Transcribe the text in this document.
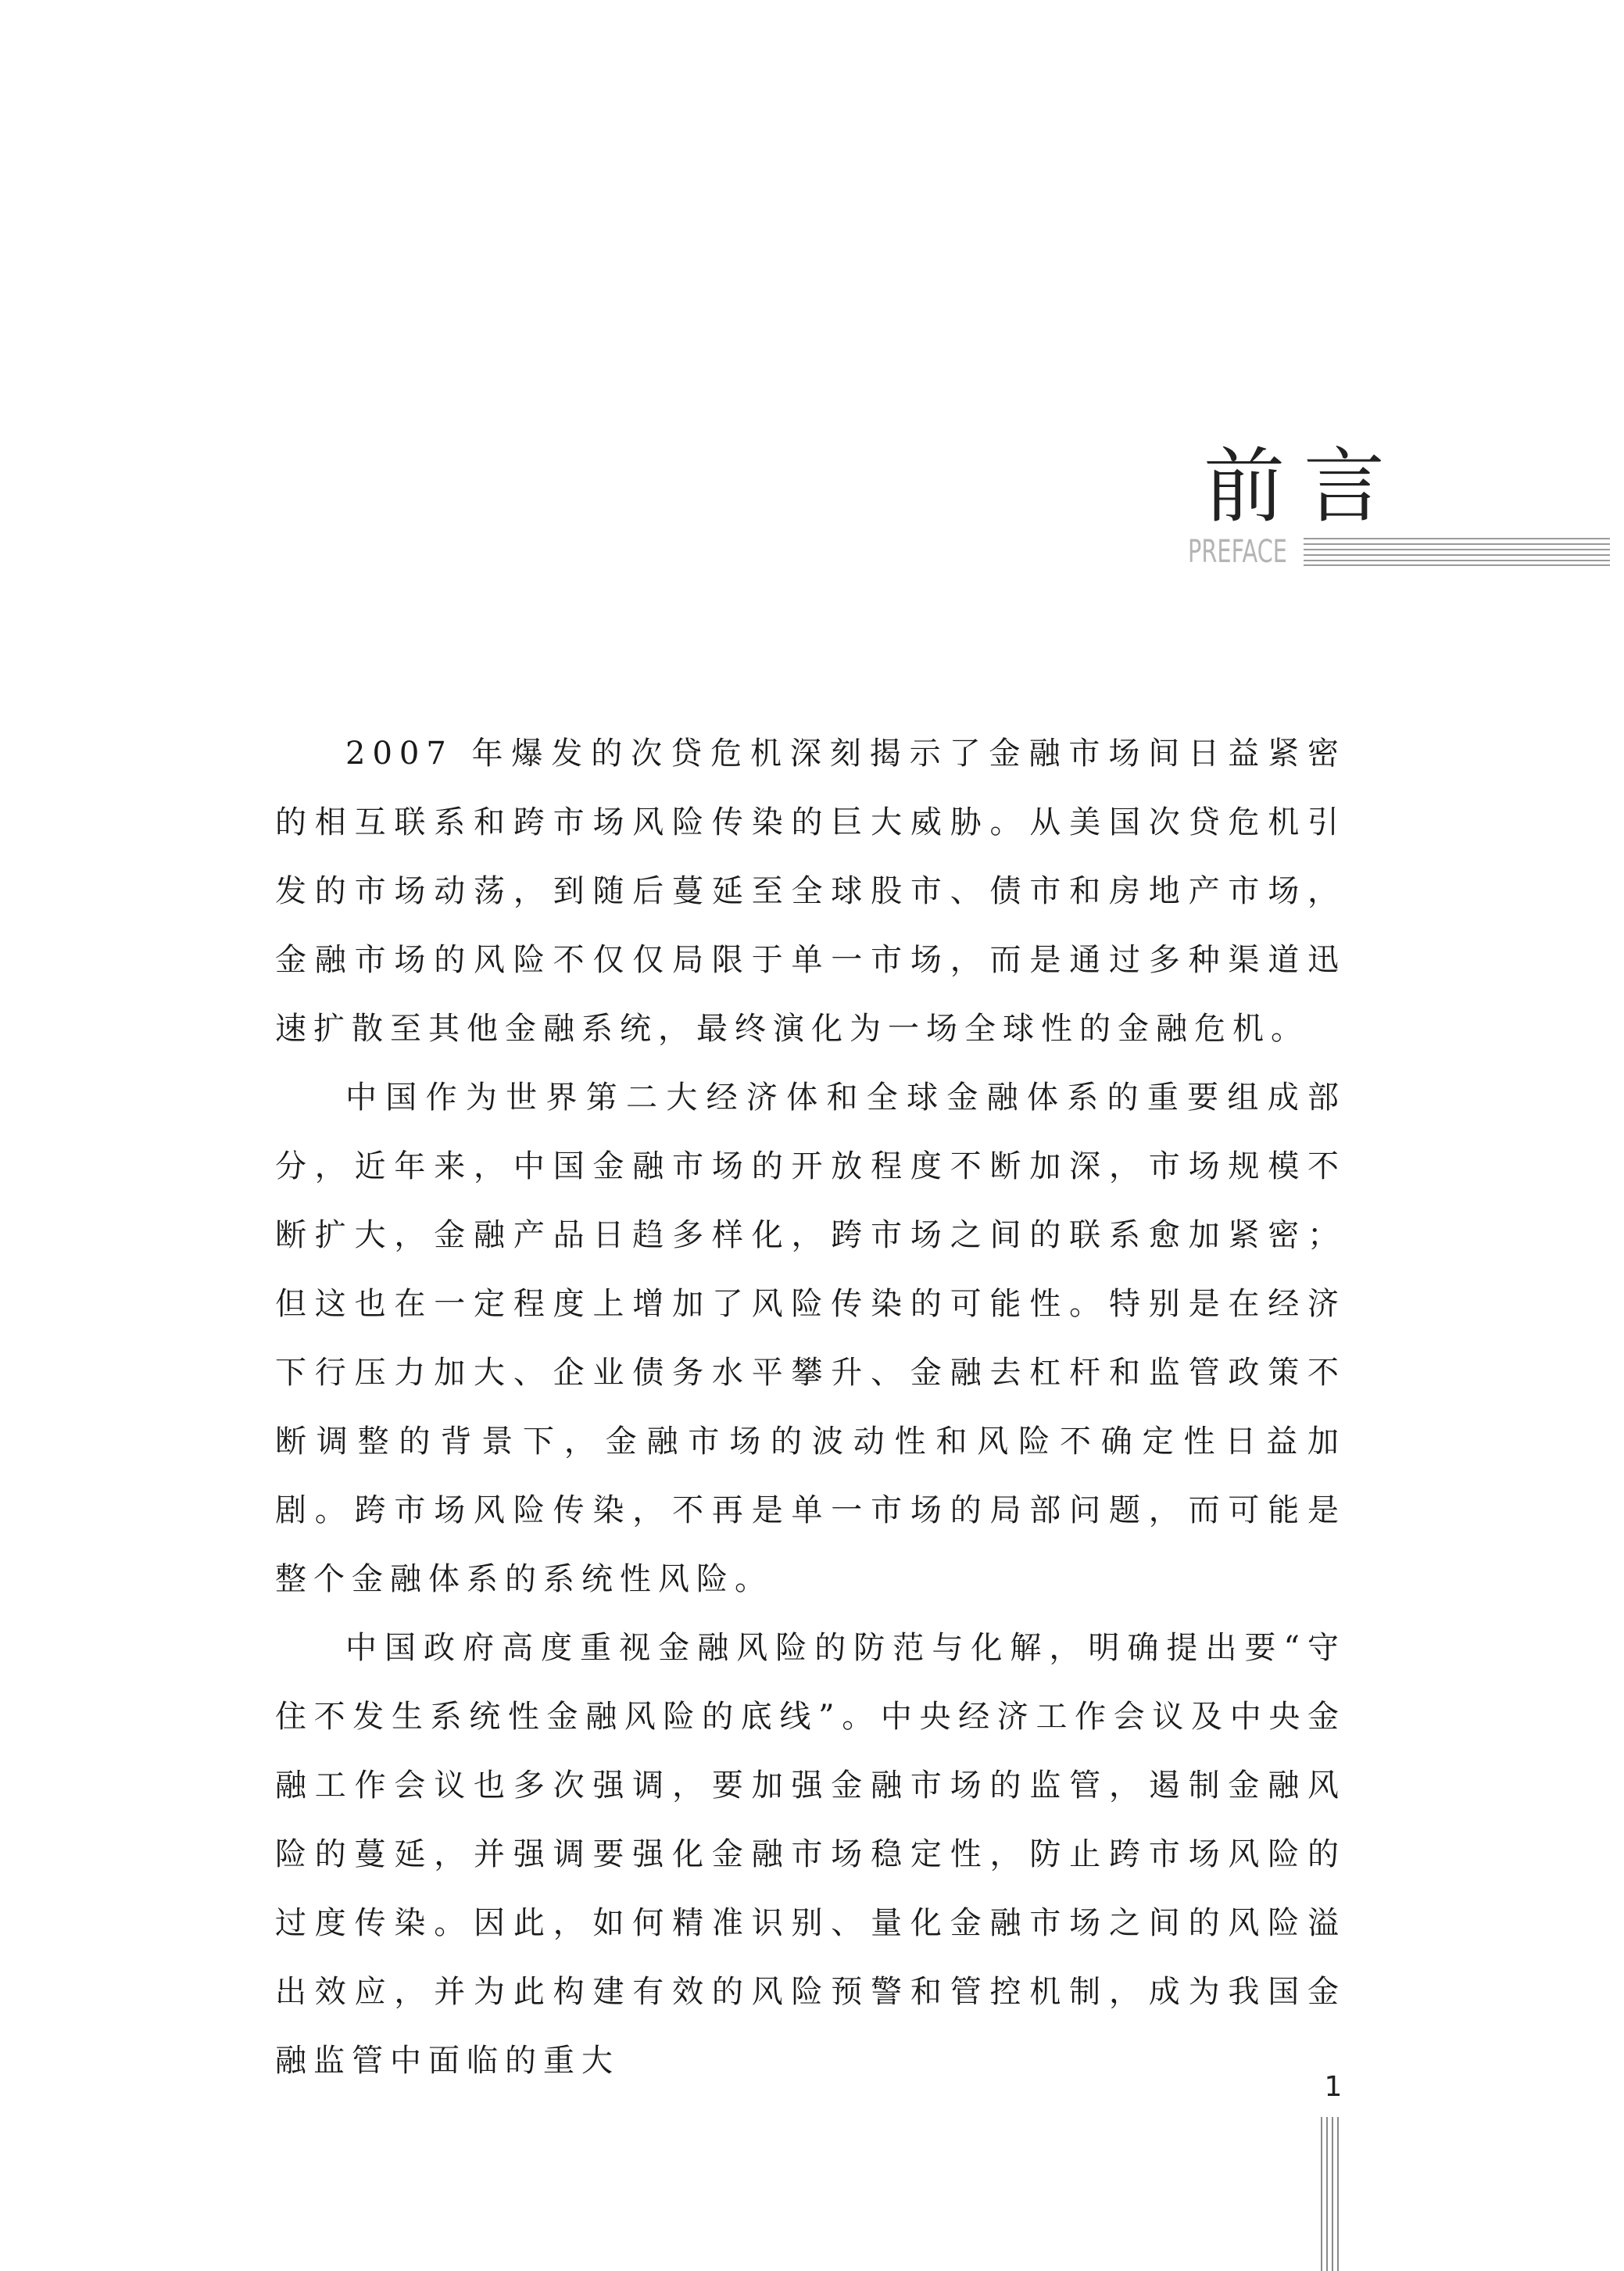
前言
PREFACE

2007 年爆发的次贷危机深刻揭示了金融市场间日益紧密的相互联系和跨市场风险传染的巨大威胁。从美国次贷危机引发的市场动荡，到随后蔓延至全球股市、债市和房地产市场，金融市场的风险不仅仅局限于单一市场，而是通过多种渠道迅速扩散至其他金融系统，最终演化为一场全球性的金融危机。

中国作为世界第二大经济体和全球金融体系的重要组成部分，近年来，中国金融市场的开放程度不断加深，市场规模不断扩大，金融产品日趋多样化，跨市场之间的联系愈加紧密；但这也在一定程度上增加了风险传染的可能性。特别是在经济下行压力加大、企业债务水平攀升、金融去杠杆和监管政策不断调整的背景下，金融市场的波动性和风险不确定性日益加剧。跨市场风险传染，不再是单一市场的局部问题，而可能是整个金融体系的系统性风险。

中国政府高度重视金融风险的防范与化解，明确提出要“守住不发生系统性金融风险的底线”。中央经济工作会议及中央金融工作会议也多次强调，要加强金融市场的监管，遏制金融风险的蔓延，并强调要强化金融市场稳定性，防止跨市场风险的过度传染。因此，如何精准识别、量化金融市场之间的风险溢出效应，并为此构建有效的风险预警和管控机制，成为我国金融监管中面临的重大

1
